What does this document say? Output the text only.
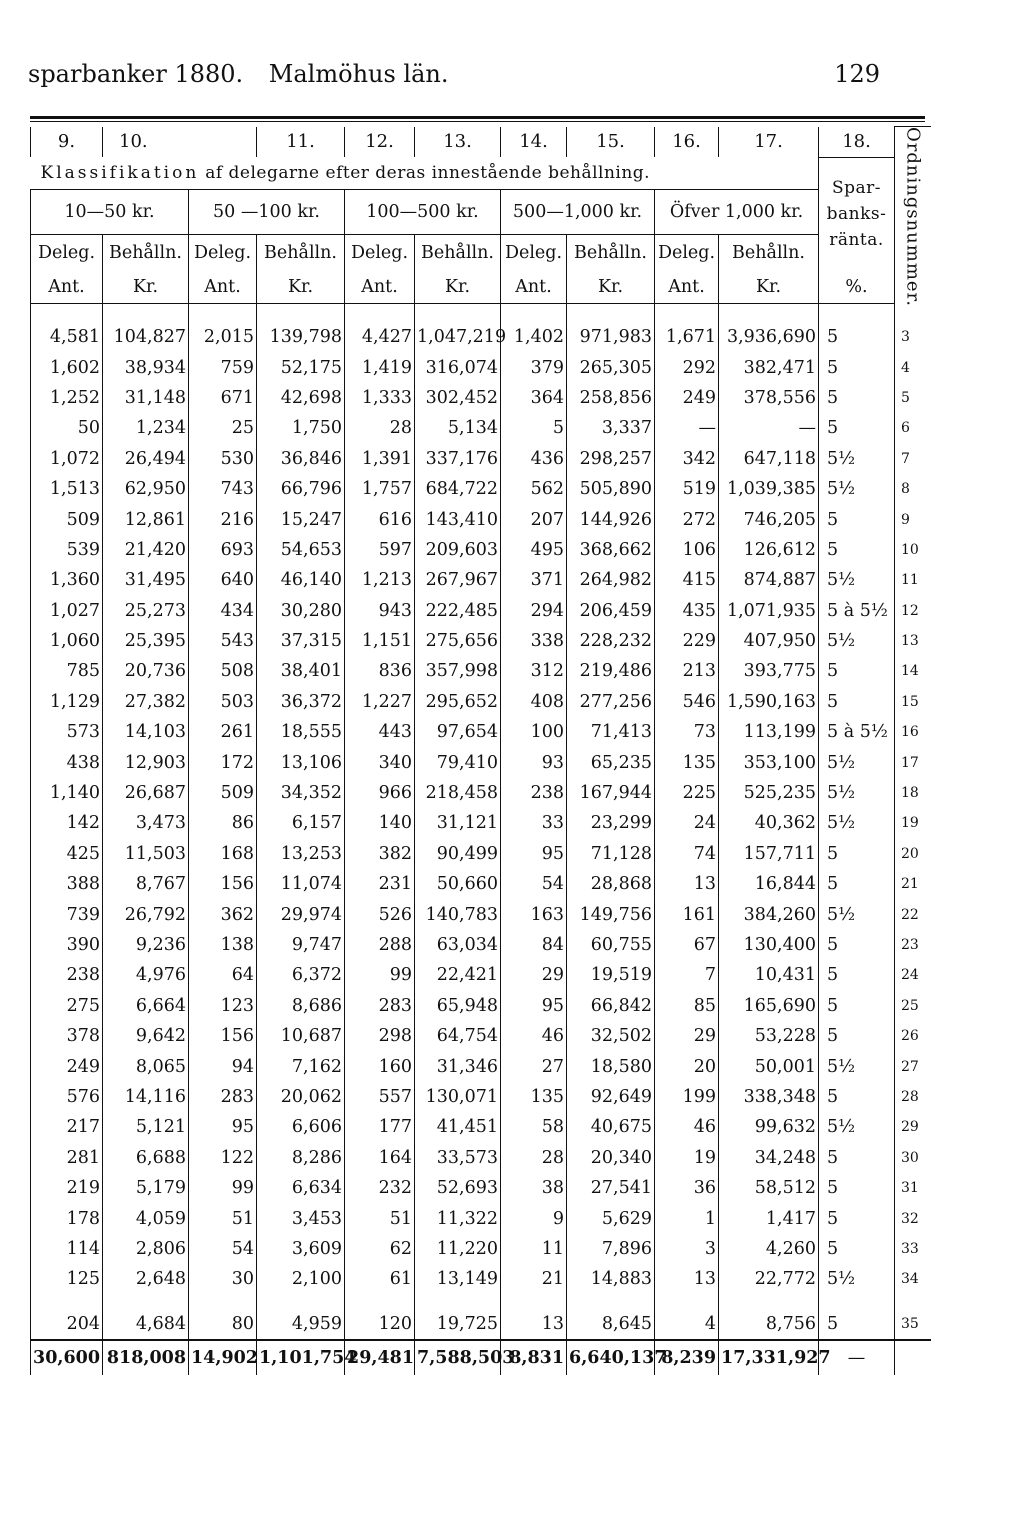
sparbanker 1880. Malmöhus län.	129
9.	10.		11.	12.	13.	14.	15.	16.	17.	18.	Ordningsnummer.
Klassifikation af delegarne efter deras innestående behållning.										Spar-
banks-
ränta.	

10—50 kr.		50 —100 kr.		100—500 kr.		500—1,000 kr.		Öfver 1,000 kr.			
Deleg.	Behålln.	Deleg.	Behålln.	Deleg.	Behålln.	Deleg.	Behålln.	Deleg.	Behålln.		
Ant.	Kr.	Ant.	Kr.	Ant.	Kr.	Ant.	Kr.	Ant.	Kr.	%.	

4,581	104,827	2,015	139,798	4,427	1,047,219	1,402	971,983	1,671	3,936,690	5	3
1,602	38,934	759	52,175	1,419	316,074	379	265,305	292	382,471	5	4
1,252	31,148	671	42,698	1,333	302,452	364	258,856	249	378,556	5	5
50	1,234	25	1,750	28	5,134	5	3,337	—	—	5	6
1,072	26,494	530	36,846	1,391	337,176	436	298,257	342	647,118	5½	7
1,513	62,950	743	66,796	1,757	684,722	562	505,890	519	1,039,385	5½	8
509	12,861	216	15,247	616	143,410	207	144,926	272	746,205	5	9
539	21,420	693	54,653	597	209,603	495	368,662	106	126,612	5	10
1,360	31,495	640	46,140	1,213	267,967	371	264,982	415	874,887	5½	11
1,027	25,273	434	30,280	943	222,485	294	206,459	435	1,071,935	5 à 5½	12
1,060	25,395	543	37,315	1,151	275,656	338	228,232	229	407,950	5½	13
785	20,736	508	38,401	836	357,998	312	219,486	213	393,775	5	14
1,129	27,382	503	36,372	1,227	295,652	408	277,256	546	1,590,163	5	15
573	14,103	261	18,555	443	97,654	100	71,413	73	113,199	5 à 5½	16
438	12,903	172	13,106	340	79,410	93	65,235	135	353,100	5½	17
1,140	26,687	509	34,352	966	218,458	238	167,944	225	525,235	5½	18
142	3,473	86	6,157	140	31,121	33	23,299	24	40,362	5½	19
425	11,503	168	13,253	382	90,499	95	71,128	74	157,711	5	20
388	8,767	156	11,074	231	50,660	54	28,868	13	16,844	5	21
739	26,792	362	29,974	526	140,783	163	149,756	161	384,260	5½	22
390	9,236	138	9,747	288	63,034	84	60,755	67	130,400	5	23
238	4,976	64	6,372	99	22,421	29	19,519	7	10,431	5	24
275	6,664	123	8,686	283	65,948	95	66,842	85	165,690	5	25
378	9,642	156	10,687	298	64,754	46	32,502	29	53,228	5	26
249	8,065	94	7,162	160	31,346	27	18,580	20	50,001	5½	27
576	14,116	283	20,062	557	130,071	135	92,649	199	338,348	5	28
217	5,121	95	6,606	177	41,451	58	40,675	46	99,632	5½	29
281	6,688	122	8,286	164	33,573	28	20,340	19	34,248	5	30
219	5,179	99	6,634	232	52,693	38	27,541	36	58,512	5	31
178	4,059	51	3,453	51	11,322	9	5,629	1	1,417	5	32
114	2,806	54	3,609	62	11,220	11	7,896	3	4,260	5	33
125	2,648	30	2,100	61	13,149	21	14,883	13	22,772	5½	34

204	4,684	80	4,959	120	19,725	13	8,645	4	8,756	5	35
30,600	818,008	14,902	1,101,754	29,481	7,588,503	8,831	6,640,137	8,239	17,331,927	—	
